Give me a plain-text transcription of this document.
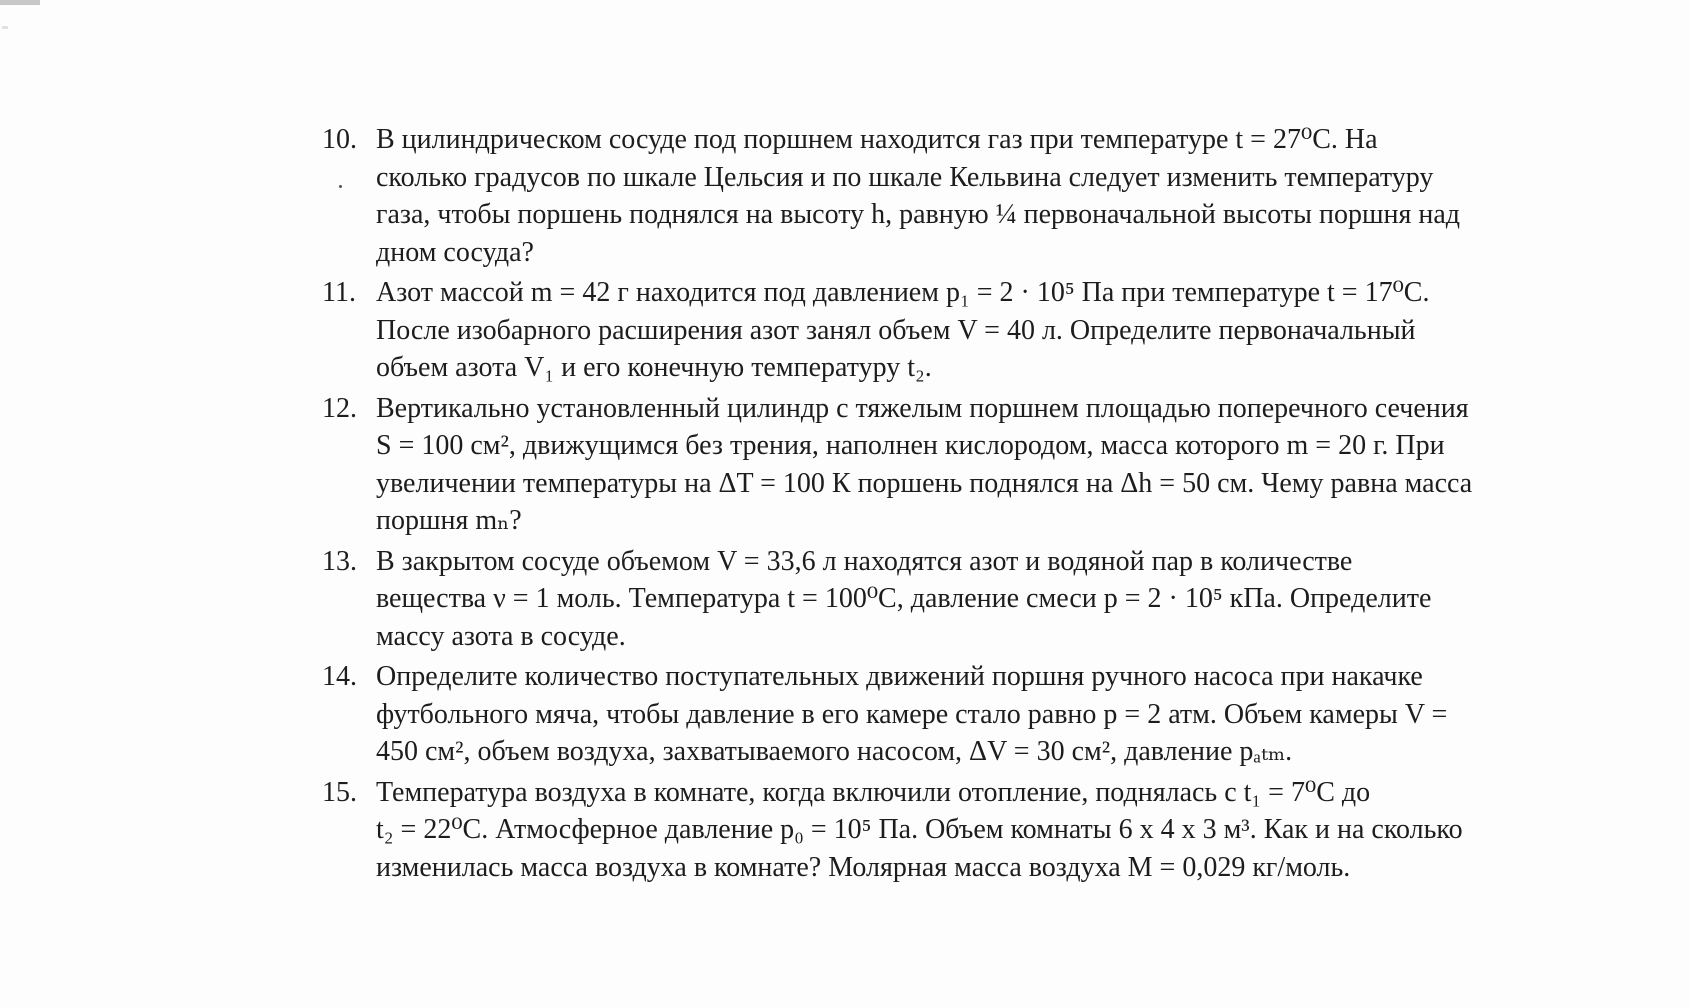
10. В цилиндрическом сосуде под поршнем находится газ при температуре t = 27⁰С. На
сколько градусов по шкале Цельсия и по шкале Кельвина следует изменить температуру
газа, чтобы поршень поднялся на высоту h, равную ¼ первоначальной высоты поршня над
дном сосуда?
11. Азот массой m = 42 г находится под давлением p₁ = 2 · 10⁵ Па при температуре t = 17⁰С.
После изобарного расширения азот занял объем V = 40 л. Определите первоначальный
объем азота V₁ и его конечную температуру t₂.
12. Вертикально установленный цилиндр с тяжелым поршнем площадью поперечного сечения
S = 100 см², движущимся без трения, наполнен кислородом, масса которого m = 20 г. При
увеличении температуры на ΔT = 100 К поршень поднялся на Δh = 50 см. Чему равна масса
поршня mₙ?
13. В закрытом сосуде объемом V = 33,6 л находятся азот и водяной пар в количестве
вещества ν = 1 моль. Температура t = 100⁰С, давление смеси p = 2 · 10⁵ кПа. Определите
массу азота в сосуде.
14. Определите количество поступательных движений поршня ручного насоса при накачке
футбольного мяча, чтобы давление в его камере стало равно p = 2 атм. Объем камеры V =
450 см², объем воздуха, захватываемого насосом, ΔV = 30 см², давление pₐₜₘ.
15. Температура воздуха в комнате, когда включили отопление, поднялась с t₁ = 7⁰С до
t₂ = 22⁰С. Атмосферное давление p₀ = 10⁵ Па. Объем комнаты 6 х 4 х 3 м³. Как и на сколько
изменилась масса воздуха в комнате? Молярная масса воздуха M = 0,029 кг/моль.
